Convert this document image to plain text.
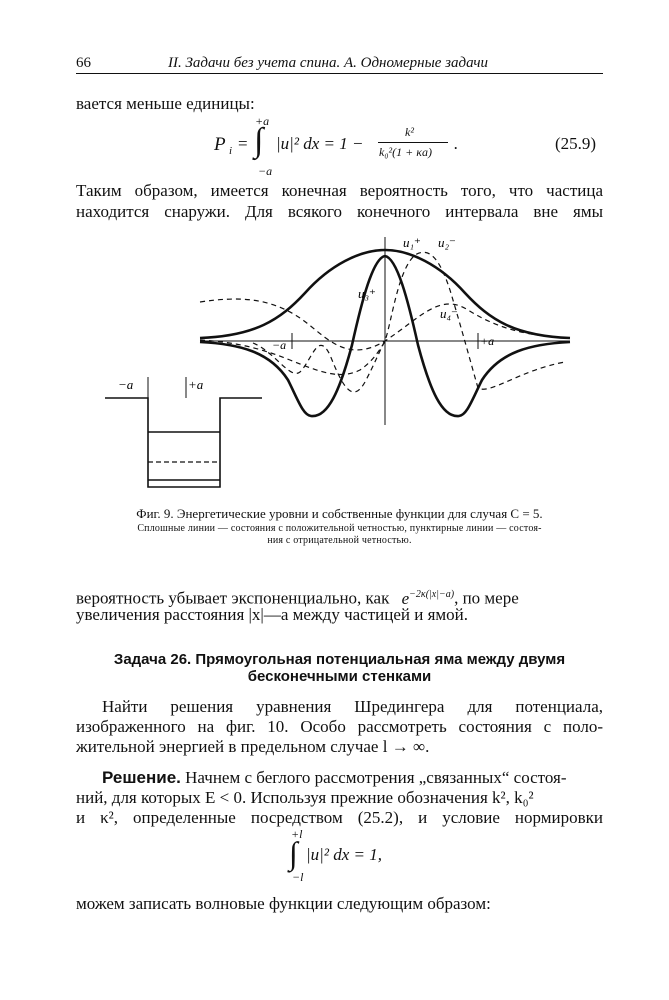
66	II. Задачи без учета спина. А. Одномерные задачи
вается меньше единицы:
P i =
+a
∫
−a
|u|² dx = 1 −
k²
k₀²(1 + κa) .	(25.9)
Таким образом, имеется конечная вероятность того, что частица
находится снаружи. Для всякого конечного интервала вне ямы
u₁⁺ u₂⁻
u₃⁺
u₄⁻
−a	+a
−a	+a
Фиг. 9. Энергетические уровни и собственные функции для случая C = 5.
Сплошные линии — состояния с положительной четностью, пунктирные линии — состоя-
ния с отрицательной четностью.
вероятность убывает экспоненциально, как $e^{-2\kappa(|x|-a)}$, по мере
увеличения расстояния |x|—a между частицей и ямой.
Задача 26. Прямоугольная потенциальная яма между двумя
бесконечными стенками
Найти решения уравнения Шредингера для потенциала,
изображенного на фиг. 10. Особо рассмотреть состояния с поло-
жительной энергией в предельном случае l → ∞.
Решение. Начнем с беглого рассмотрения „связанных“ состоя-
ний, для которых E < 0. Используя прежние обозначения k², k₀²
и κ², определенные посредством (25.2), и условие нормировки
+l
∫
−l
|u|² dx = 1,
можем записать волновые функции следующим образом:
